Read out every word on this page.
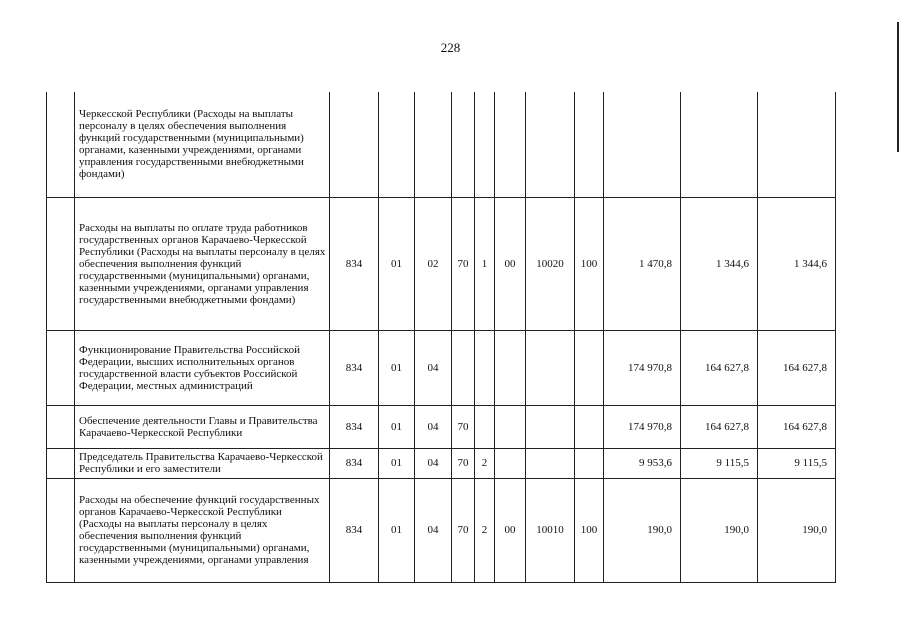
228
	Черкесской Республики (Расходы на выплаты персоналу в целях обеспечения выполнения функций государственными (муниципальными) органами, казенными учреждениями, органами управления государственными внебюджетными фондами)											
	Расходы на выплаты по оплате труда работников государственных органов Карачаево-Черкесской Республики (Расходы на выплаты персоналу в целях обеспечения выполнения функций государственными (муниципальными) органами, казенными учреждениями, органами управления государственными внебюджетными фондами)	834	01	02	70	1	00	10020	100	1 470,8	1 344,6	1 344,6
	Функционирование Правительства Российской Федерации, высших исполнительных органов государственной власти субъектов Российской Федерации, местных администраций	834	01	04						174 970,8	164 627,8	164 627,8
	Обеспечение деятельности Главы и Правительства Карачаево-Черкесской Республики	834	01	04	70					174 970,8	164 627,8	164 627,8
	Председатель Правительства Карачаево-Черкесской Республики и его заместители	834	01	04	70	2				9 953,6	9 115,5	9 115,5
	Расходы на обеспечение функций государственных органов Карачаево-Черкесской Республики (Расходы на выплаты персоналу в целях обеспечения выполнения функций государственными (муниципальными) органами, казенными учреждениями, органами управления	834	01	04	70	2	00	10010	100	190,0	190,0	190,0
